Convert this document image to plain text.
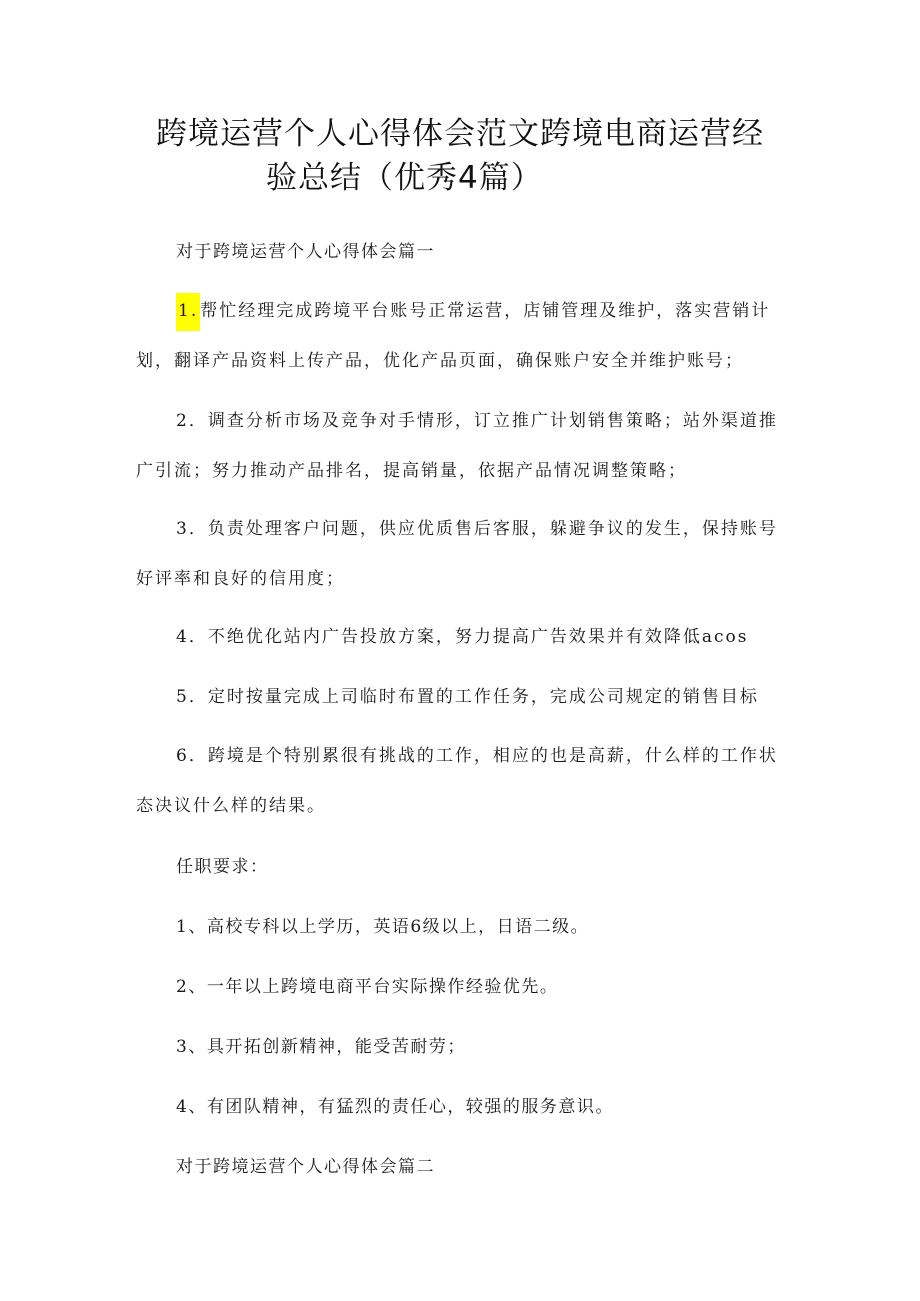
跨境运营个人心得体会范文跨境电商运营经
验总结（优秀4篇）

对于跨境运营个人心得体会篇一

1. 帮忙经理完成跨境平台账号正常运营，店铺管理及维护，落实营销计划，翻译产品资料上传产品，优化产品页面，确保账户安全并维护账号；

2．调查分析市场及竞争对手情形，订立推广计划销售策略；站外渠道推广引流；努力推动产品排名，提高销量，依据产品情况调整策略；

3．负责处理客户问题，供应优质售后客服，躲避争议的发生，保持账号好评率和良好的信用度；

4．不绝优化站内广告投放方案，努力提高广告效果并有效降低acos

5．定时按量完成上司临时布置的工作任务，完成公司规定的销售目标

6．跨境是个特别累很有挑战的工作，相应的也是高薪，什么样的工作状态决议什么样的结果。

任职要求：

1、高校专科以上学历，英语6级以上，日语二级。

2、一年以上跨境电商平台实际操作经验优先。

3、具开拓创新精神，能受苦耐劳；

4、有团队精神，有猛烈的责任心，较强的服务意识。

对于跨境运营个人心得体会篇二
